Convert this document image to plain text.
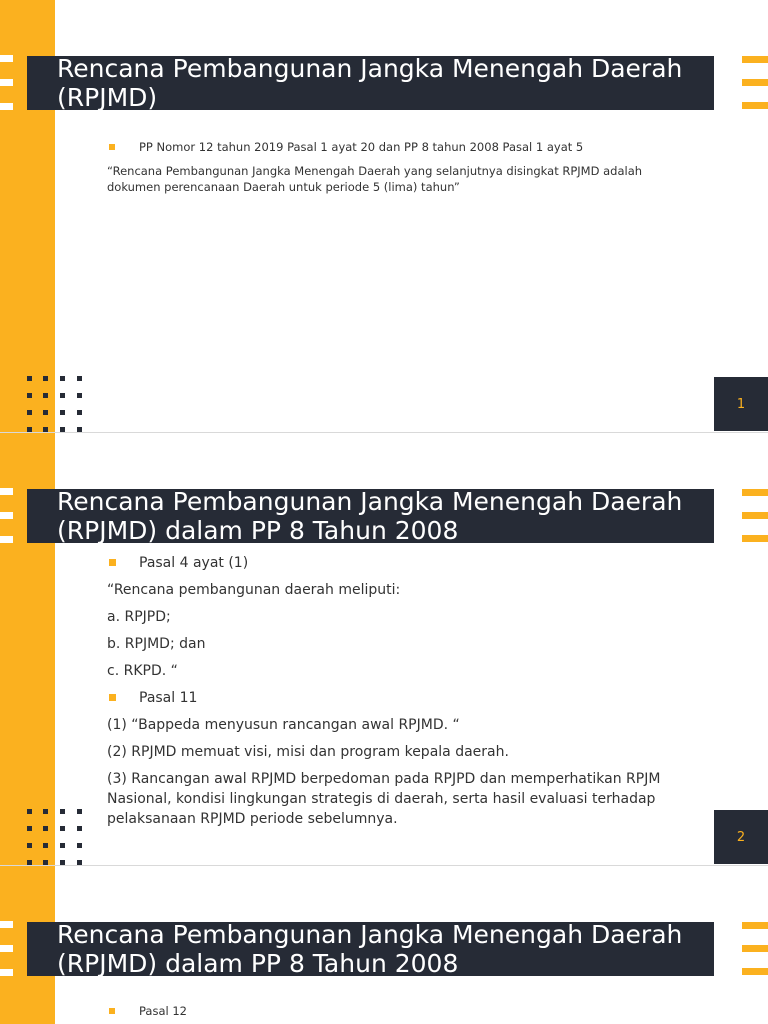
Rencana Pembangunan Jangka Menengah Daerah (RPJMD)
1
PP Nomor 12 tahun 2019 Pasal 1 ayat 20 dan PP 8 tahun 2008 Pasal 1 ayat 5

“Rencana Pembangunan Jangka Menengah Daerah yang selanjutnya disingkat RPJMD adalah dokumen perencanaan Daerah untuk periode 5 (lima) tahun”

Rencana Pembangunan Jangka Menengah Daerah (RPJMD) dalam PP 8 Tahun 2008
2
Pasal 4 ayat (1)

“Rencana pembangunan daerah meliputi:

a. RPJPD;

b. RPJMD; dan

c. RKPD. “

Pasal 11

(1) “Bappeda menyusun rancangan awal RPJMD. “

(2) RPJMD memuat visi, misi dan program kepala daerah.

(3) Rancangan awal RPJMD berpedoman pada RPJPD dan memperhatikan RPJM Nasional, kondisi lingkungan strategis di daerah, serta hasil evaluasi terhadap pelaksanaan RPJMD periode sebelumnya.

Rencana Pembangunan Jangka Menengah Daerah (RPJMD) dalam PP 8 Tahun 2008
Pasal 12
